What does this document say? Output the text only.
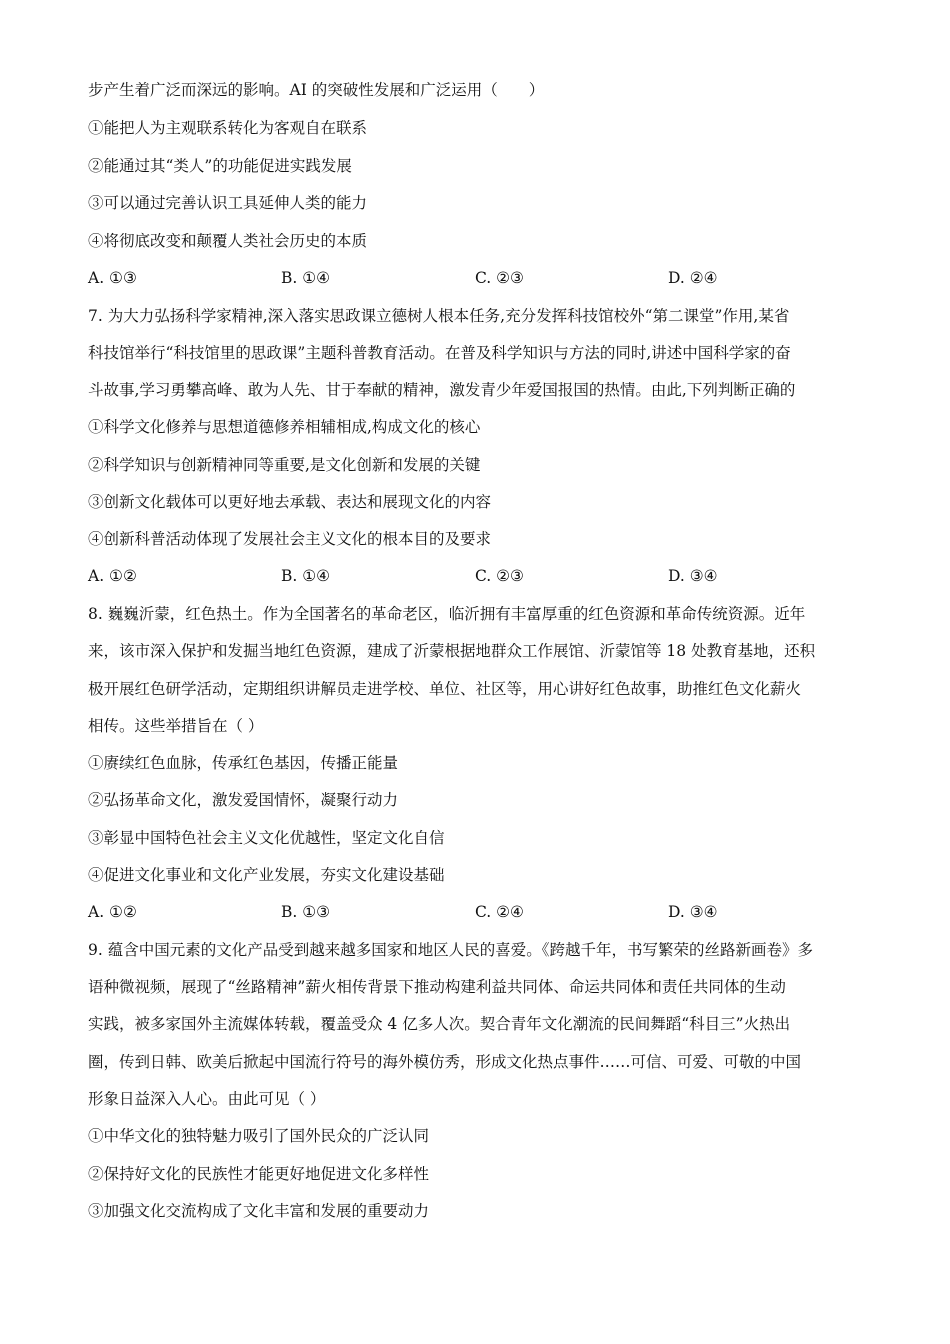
步产生着广泛而深远的影响。AI 的突破性发展和广泛运用（　　）
①能把人为主观联系转化为客观自在联系
②能通过其“类人”的功能促进实践发展
③可以通过完善认识工具延伸人类的能力
④将彻底改变和颠覆人类社会历史的本质
A. ①③	B. ①④	C. ②③	D. ②④
7. 为大力弘扬科学家精神,深入落实思政课立德树人根本任务,充分发挥科技馆校外“第二课堂”作用,某省
科技馆举行“科技馆里的思政课”主题科普教育活动。在普及科学知识与方法的同时,讲述中国科学家的奋
斗故事,学习勇攀高峰、敢为人先、甘于奉献的精神，激发青少年爱国报国的热情。由此,下列判断正确的
①科学文化修养与思想道德修养相辅相成,构成文化的核心
②科学知识与创新精神同等重要,是文化创新和发展的关键
③创新文化载体可以更好地去承载、表达和展现文化的内容
④创新科普活动体现了发展社会主义文化的根本目的及要求
A. ①②	B. ①④	C. ②③	D. ③④
8. 巍巍沂蒙，红色热土。作为全国著名的革命老区，临沂拥有丰富厚重的红色资源和革命传统资源。近年
来，该市深入保护和发掘当地红色资源，建成了沂蒙根据地群众工作展馆、沂蒙馆等 18 处教育基地，还积
极开展红色研学活动，定期组织讲解员走进学校、单位、社区等，用心讲好红色故事，助推红色文化薪火
相传。这些举措旨在（ ）
①赓续红色血脉，传承红色基因，传播正能量
②弘扬革命文化，激发爱国情怀，凝聚行动力
③彰显中国特色社会主义文化优越性，坚定文化自信
④促进文化事业和文化产业发展，夯实文化建设基础
A. ①②	B. ①③	C. ②④	D. ③④
9. 蕴含中国元素的文化产品受到越来越多国家和地区人民的喜爱。《跨越千年，书写繁荣的丝路新画卷》多
语种微视频，展现了“丝路精神”薪火相传背景下推动构建利益共同体、命运共同体和责任共同体的生动
实践，被多家国外主流媒体转载，覆盖受众 4 亿多人次。契合青年文化潮流的民间舞蹈“科目三”火热出
圈，传到日韩、欧美后掀起中国流行符号的海外模仿秀，形成文化热点事件……可信、可爱、可敬的中国
形象日益深入人心。由此可见（ ）
①中华文化的独特魅力吸引了国外民众的广泛认同
②保持好文化的民族性才能更好地促进文化多样性
③加强文化交流构成了文化丰富和发展的重要动力
